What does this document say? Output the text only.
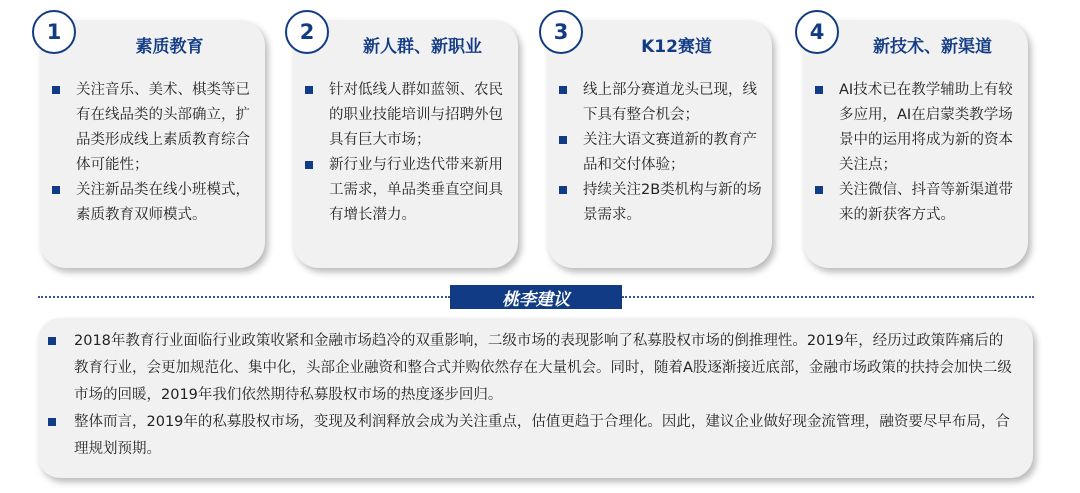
1
素质教育
关注音乐、美术、棋类等已有在线品类的头部确立，扩品类形成线上素质教育综合体可能性；
关注新品类在线小班模式，素质教育双师模式。
2
新人群、新职业
针对低线人群如蓝领、农民的职业技能培训与招聘外包具有巨大市场；
新行业与行业迭代带来新用工需求，单品类垂直空间具有增长潜力。
3
K12赛道
线上部分赛道龙头已现，线下具有整合机会；
关注大语文赛道新的教育产品和交付体验；
持续关注2B类机构与新的场景需求。
4
新技术、新渠道
AI技术已在教学辅助上有较多应用，AI在启蒙类教学场景中的运用将成为新的资本关注点；
关注微信、抖音等新渠道带来的新获客方式。
桃李建议
2018年教育行业面临行业政策收紧和金融市场趋冷的双重影响，二级市场的表现影响了私募股权市场的倒推理性。2019年，经历过政策阵痛后的教育行业，会更加规范化、集中化，头部企业融资和整合式并购依然存在大量机会。同时，随着A股逐渐接近底部，金融市场政策的扶持会加快二级市场的回暖，2019年我们依然期待私募股权市场的热度逐步回归。
整体而言，2019年的私募股权市场，变现及利润释放会成为关注重点，估值更趋于合理化。因此，建议企业做好现金流管理，融资要尽早布局，合理规划预期。
